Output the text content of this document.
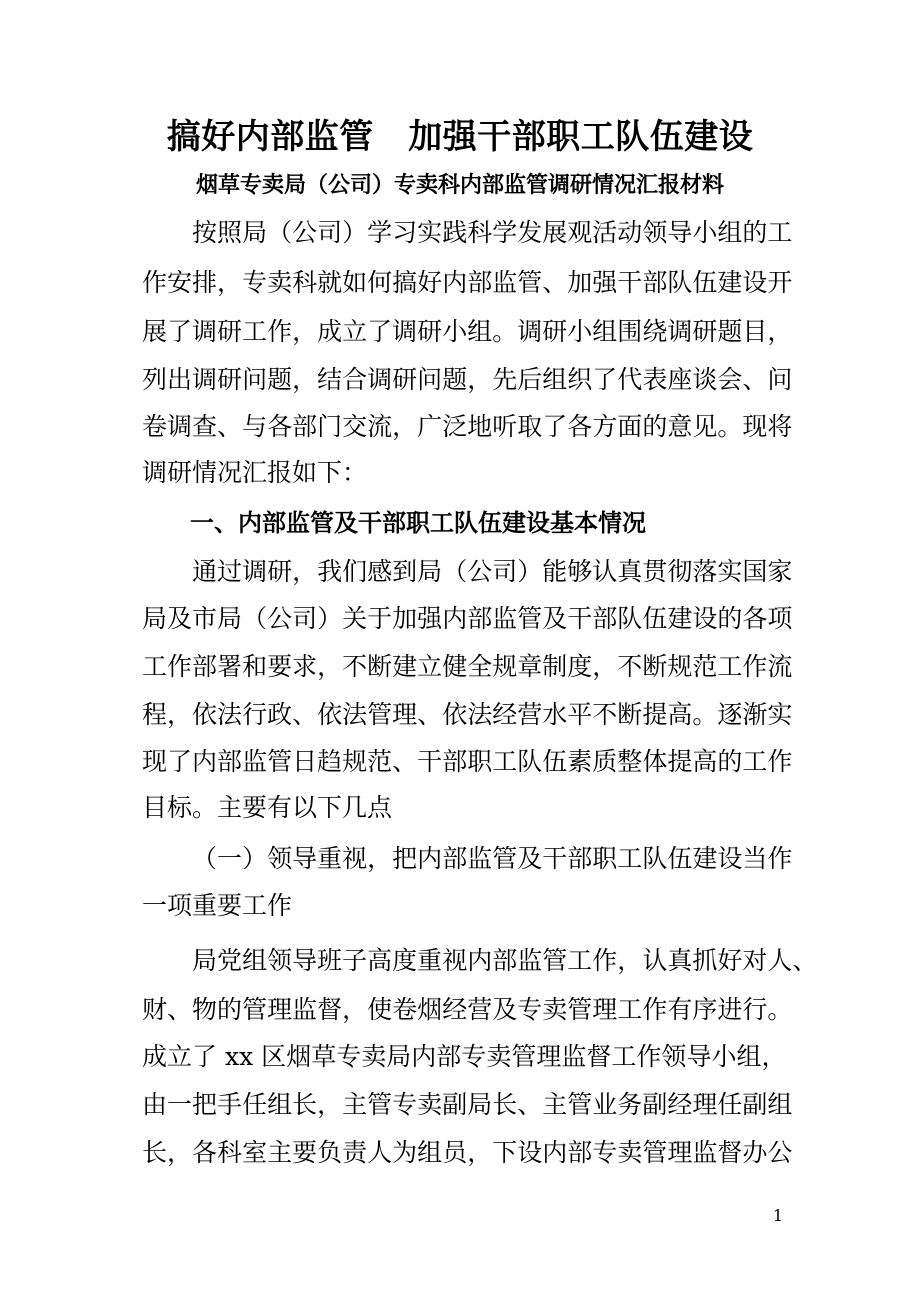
搞好内部监管　加强干部职工队伍建设
烟草专卖局（公司）专卖科内部监管调研情况汇报材料

按 照 局 （ 公 司 ） 学 习 实 践 科 学 发 展 观 活 动 领 导 小 组 的 工
作 安 排 ， 专 卖 科 就 如 何 搞 好 内 部 监 管 、 加 强 干 部 队 伍 建 设 开
展 了 调 研 工 作 ， 成 立 了 调 研 小 组 。 调 研 小 组 围 绕 调 研 题 目 ，
列 出 调 研 问 题 ， 结 合 调 研 问 题 ， 先 后 组 织 了 代 表 座 谈 会 、 问
卷 调 查 、 与 各 部 门 交 流 ， 广 泛 地 听 取 了 各 方 面 的 意 见 。 现 将
调研情况汇报如下：
　　一、内部监管及干部职工队伍建设基本情况

通 过 调 研 ， 我 们 感 到 局 （ 公 司 ） 能 够 认 真 贯 彻 落 实 国 家
局 及 市 局 （ 公 司 ） 关 于 加 强 内 部 监 管 及 干 部 队 伍 建 设 的 各 项
工 作 部 署 和 要 求 ， 不 断 建 立 健 全 规 章 制 度 ， 不 断 规 范 工 作 流
程 ， 依 法 行 政 、 依 法 管 理 、 依 法 经 营 水 平 不 断 提 高 。 逐 渐 实
现 了 内 部 监 管 日 趋 规 范 、 干 部 职 工 队 伍 素 质 整 体 提 高 的 工 作
目标。主要有以下几点

（ 一 ） 领 导 重 视 ， 把 内 部 监 管 及 干 部 职 工 队 伍 建 设 当 作
一项重要工作

局 党 组 领 导 班 子 高 度 重 视 内 部 监 管 工 作 ， 认 真 抓 好 对 人 、
财 、 物 的 管 理 监 督 ， 使 卷 烟 经 营 及 专 卖 管 理 工 作 有 序 进 行 。
成 立 了
x x
区 烟 草 专 卖 局 内 部 专 卖 管 理 监 督 工 作 领 导 小 组 ，
由 一 把 手 任 组 长 ， 主 管 专 卖 副 局 长 、 主 管 业 务 副 经 理 任 副 组
长 ， 各 科 室 主 要 负 责 人 为 组 员 ， 下 设 内 部 专 卖 管 理 监 督 办 公
1
